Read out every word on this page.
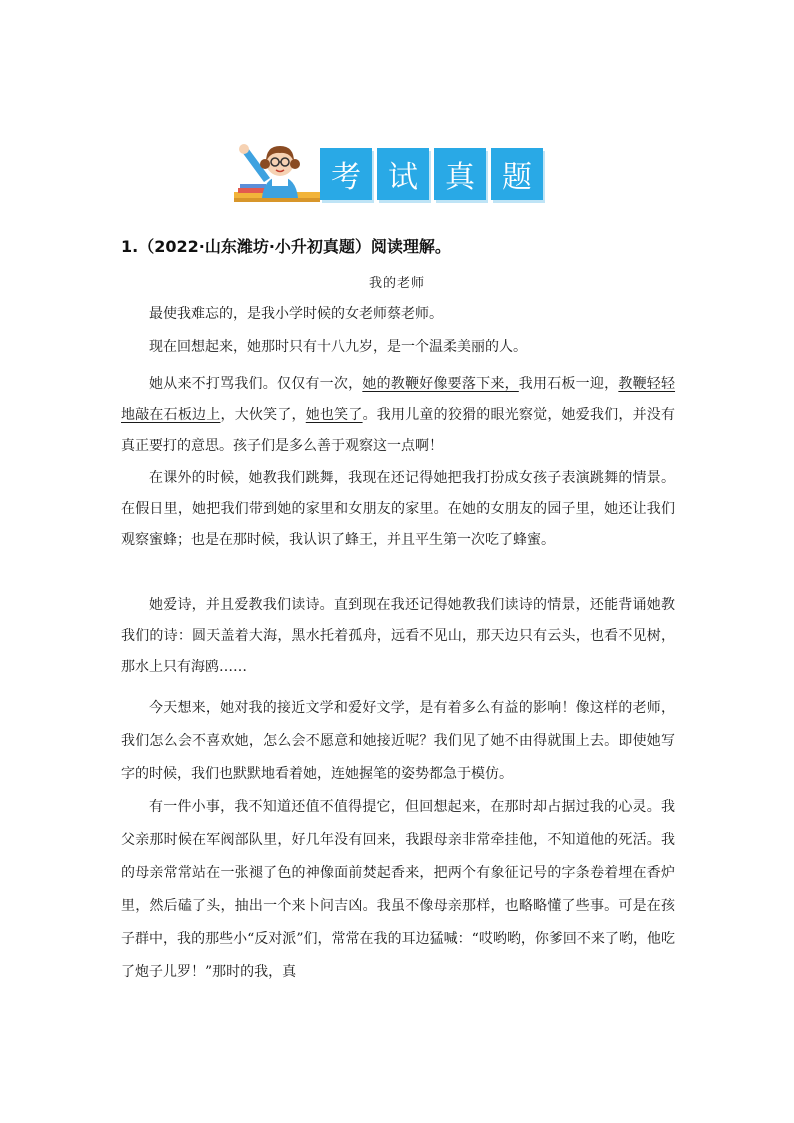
考 试 真 题
1.（2022·山东潍坊·小升初真题）阅读理解。
我的老师

最使我难忘的，是我小学时候的女老师蔡老师。

现在回想起来，她那时只有十八九岁，是一个温柔美丽的人。

她从来不打骂我们。仅仅有一次，她的教鞭好像要落下来，我用石板一迎，教鞭轻轻地敲在石板边上，大伙笑了，她也笑了。我用儿童的狡猾的眼光察觉，她爱我们，并没有真正要打的意思。孩子们是多么善于观察这一点啊！

在课外的时候，她教我们跳舞，我现在还记得她把我打扮成女孩子表演跳舞的情景。在假日里，她把我们带到她的家里和女朋友的家里。在她的女朋友的园子里，她还让我们观察蜜蜂；也是在那时候，我认识了蜂王，并且平生第一次吃了蜂蜜。

她爱诗，并且爱教我们读诗。直到现在我还记得她教我们读诗的情景，还能背诵她教我们的诗：圆天盖着大海，黑水托着孤舟，远看不见山，那天边只有云头，也看不见树，那水上只有海鸥……

今天想来，她对我的接近文学和爱好文学，是有着多么有益的影响！像这样的老师，我们怎么会不喜欢她，怎么会不愿意和她接近呢？我们见了她不由得就围上去。即使她写字的时候，我们也默默地看着她，连她握笔的姿势都急于模仿。

有一件小事，我不知道还值不值得提它，但回想起来，在那时却占据过我的心灵。我父亲那时候在军阀部队里，好几年没有回来，我跟母亲非常牵挂他，不知道他的死活。我的母亲常常站在一张褪了色的神像面前焚起香来，把两个有象征记号的字条卷着埋在香炉里，然后磕了头，抽出一个来卜问吉凶。我虽不像母亲那样，也略略懂了些事。可是在孩子群中，我的那些小“反对派”们，常常在我的耳边猛喊：“哎哟哟，你爹回不来了哟，他吃了炮子儿罗！”那时的我，真
